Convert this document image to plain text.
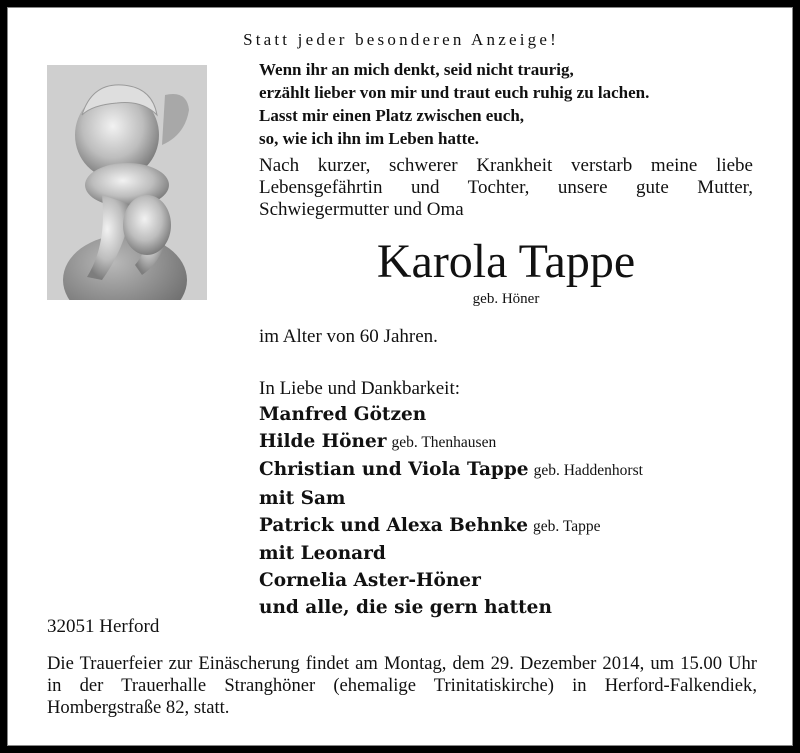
Statt jeder besonderen Anzeige!
Wenn ihr an mich denkt, seid nicht traurig,
erzählt lieber von mir und traut euch ruhig zu lachen.
Lasst mir einen Platz zwischen euch,
so, wie ich ihn im Leben hatte.
Nach kurzer, schwerer Krankheit verstarb meine liebe
Lebensgefährtin und Tochter, unsere gute Mutter,
Schwiegermutter und Oma
Karola Tappe
geb. Höner
im Alter von 60 Jahren.
In Liebe und Dankbarkeit:
Manfred Götzen
Hilde Höner geb. Thenhausen
Christian und Viola Tappe geb. Haddenhorst
mit Sam
Patrick und Alexa Behnke geb. Tappe
mit Leonard
Cornelia Aster-Höner
und alle, die sie gern hatten
32051 Herford
Die Trauerfeier zur Einäscherung findet am Montag, dem 29. Dezember 2014, um 15.00 Uhr in der Trauerhalle Stranghöner (ehemalige Trinitatiskirche) in Herford-Falkendiek, Hombergstraße 82, statt.
